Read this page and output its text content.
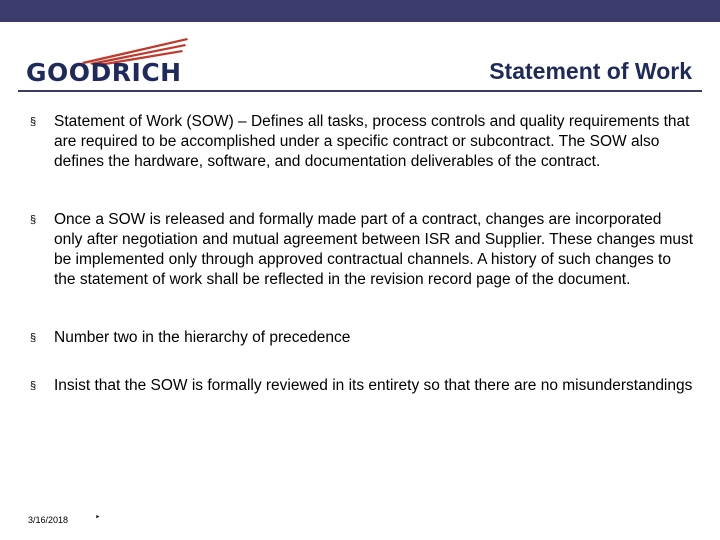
GOODRICH	Statement of Work
§ Statement of Work (SOW) – Defines all tasks, process controls and quality requirements that are required to be accomplished under a specific contract or subcontract. The SOW also defines the hardware, software, and documentation deliverables of the contract.
§ Once a SOW is released and formally made part of a contract, changes are incorporated only after negotiation and mutual agreement between ISR and Supplier. These changes must be implemented only through approved contractual channels. A history of such changes to the statement of work shall be reflected in the revision record page of the document.
§ Number two in the hierarchy of precedence
§ Insist that the SOW is formally reviewed in its entirety so that there are no misunderstandings
3/16/2018	‣
